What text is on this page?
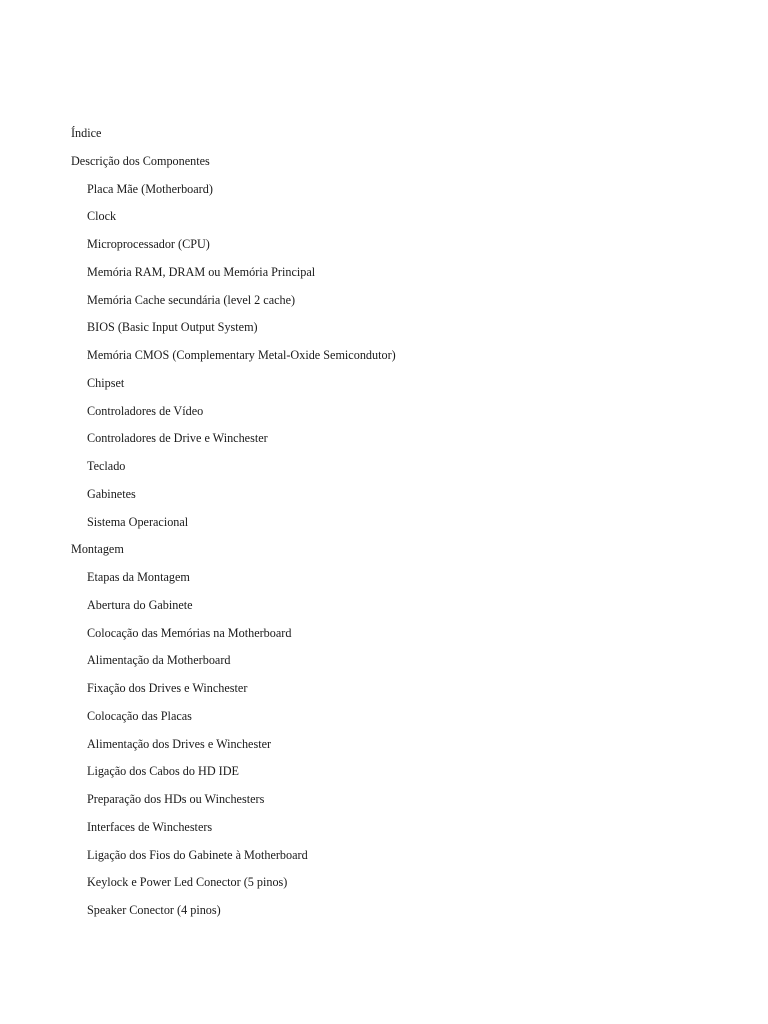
Índice
Descrição dos Componentes
Placa Mãe (Motherboard)
Clock
Microprocessador (CPU)
Memória RAM, DRAM ou Memória Principal
Memória Cache secundária (level 2 cache)
BIOS (Basic Input Output System)
Memória CMOS (Complementary Metal-Oxide Semicondutor)
Chipset
Controladores de Vídeo
Controladores de Drive e Winchester
Teclado
Gabinetes
Sistema Operacional
Montagem
Etapas da Montagem
Abertura do Gabinete
Colocação das Memórias na Motherboard
Alimentação da Motherboard
Fixação dos Drives e Winchester
Colocação das Placas
Alimentação dos Drives e Winchester
Ligação dos Cabos do HD IDE
Preparação dos HDs ou Winchesters
Interfaces de Winchesters
Ligação dos Fios do Gabinete à Motherboard
Keylock e Power Led Conector (5 pinos)
Speaker Conector (4 pinos)
